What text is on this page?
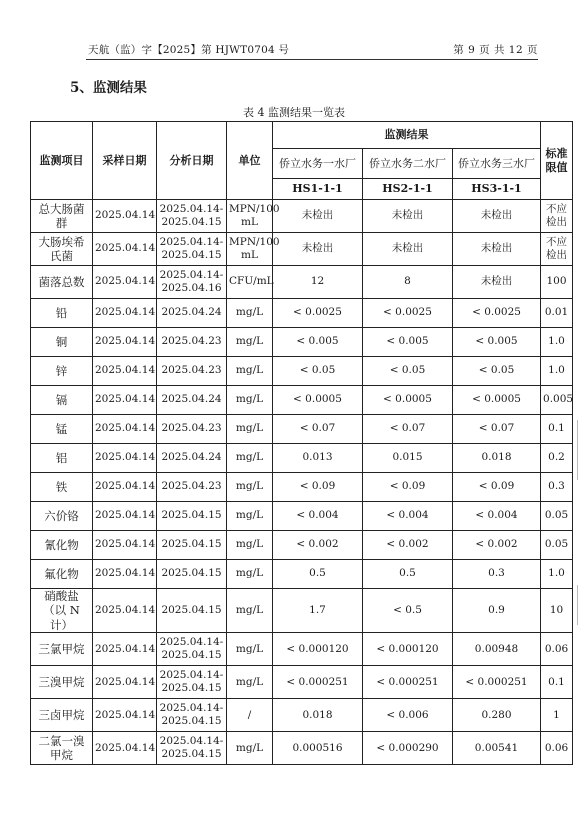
天航（监）字【2025】第 HJWT0704 号	第 9 页 共 12 页
5、监测结果
表 4 监测结果一览表
监测项目	采样日期	分析日期	单位	监测结果			标准限值
				侨立水务一水厂	侨立水务二水厂	侨立水务三水厂	
				HS1-1-1	HS2-1-1	HS3-1-1	
总大肠菌群	2025.04.14	2025.04.14-2025.04.15	MPN/100 mL	未检出	未检出	未检出	不应检出
大肠埃希氏菌	2025.04.14	2025.04.14-2025.04.15	MPN/100 mL	未检出	未检出	未检出	不应检出
菌落总数	2025.04.14	2025.04.14-2025.04.16	CFU/mL	12	8	未检出	100
铅	2025.04.14	2025.04.24	mg/L	< 0.0025	< 0.0025	< 0.0025	0.01
铜	2025.04.14	2025.04.23	mg/L	< 0.005	< 0.005	< 0.005	1.0
锌	2025.04.14	2025.04.23	mg/L	< 0.05	< 0.05	< 0.05	1.0
镉	2025.04.14	2025.04.24	mg/L	< 0.0005	< 0.0005	< 0.0005	0.005
锰	2025.04.14	2025.04.23	mg/L	< 0.07	< 0.07	< 0.07	0.1
铝	2025.04.14	2025.04.24	mg/L	0.013	0.015	0.018	0.2
铁	2025.04.14	2025.04.23	mg/L	< 0.09	< 0.09	< 0.09	0.3
六价铬	2025.04.14	2025.04.15	mg/L	< 0.004	< 0.004	< 0.004	0.05
氰化物	2025.04.14	2025.04.15	mg/L	< 0.002	< 0.002	< 0.002	0.05
氟化物	2025.04.14	2025.04.15	mg/L	0.5	0.5	0.3	1.0
硝酸盐（以 N 计）	2025.04.14	2025.04.15	mg/L	1.7	< 0.5	0.9	10
三氯甲烷	2025.04.14	2025.04.14-2025.04.15	mg/L	< 0.000120	< 0.000120	0.00948	0.06
三溴甲烷	2025.04.14	2025.04.14-2025.04.15	mg/L	< 0.000251	< 0.000251	< 0.000251	0.1
三卤甲烷	2025.04.14	2025.04.14-2025.04.15	/	0.018	< 0.006	0.280	1
二氯一溴甲烷	2025.04.14	2025.04.14-2025.04.15	mg/L	0.000516	< 0.000290	0.00541	0.06
